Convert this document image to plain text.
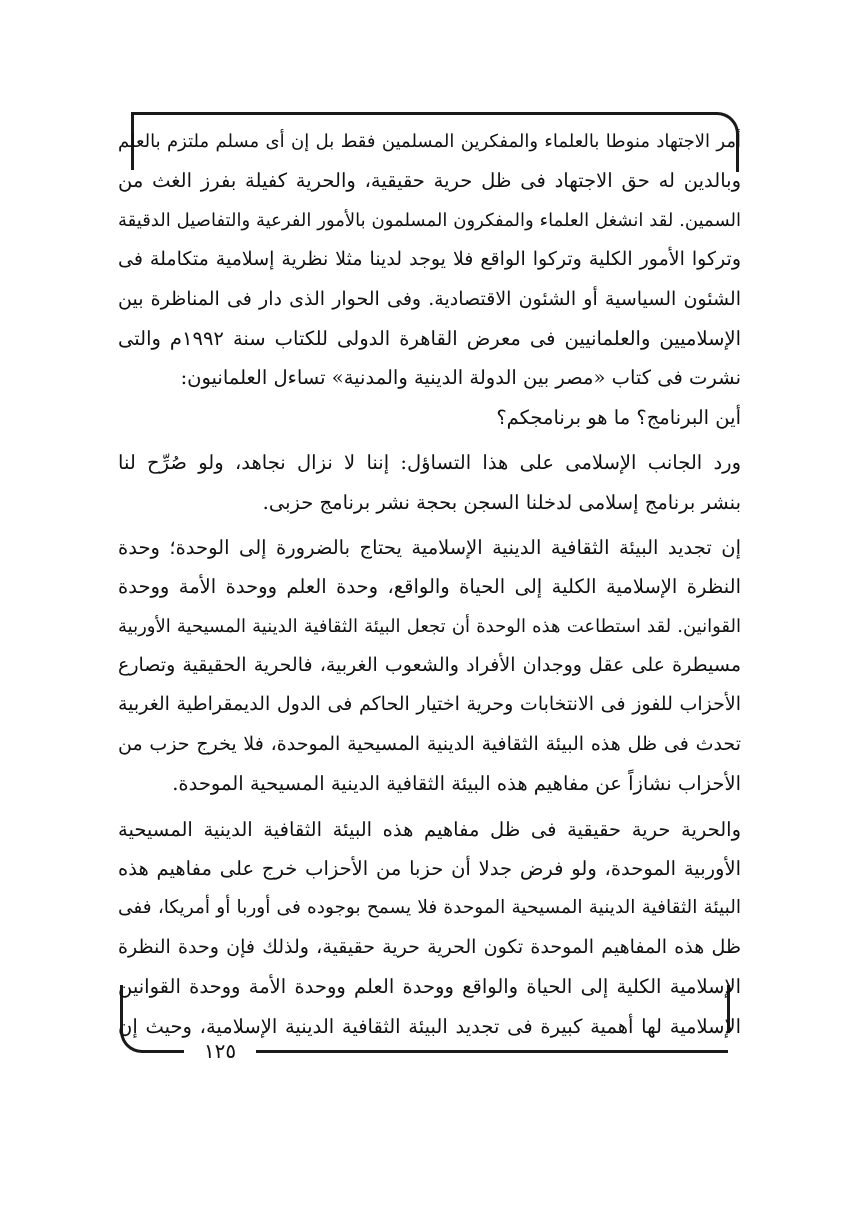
أمر الاجتهاد منوطا بالعلماء والمفكرين المسلمين فقط بل إن أى مسلم ملتزم بالعلم
وبالدين له حق الاجتهاد فى ظل حرية حقيقية، والحرية كفيلة بفرز الغث من
السمين. لقد انشغل العلماء والمفكرون المسلمون بالأمور الفرعية والتفاصيل الدقيقة
وتركوا الأمور الكلية وتركوا الواقع فلا يوجد لدينا مثلا نظرية إسلامية متكاملة فى
الشئون السياسية أو الشئون الاقتصادية. وفى الحوار الذى دار فى المناظرة بين
الإسلاميين والعلمانيين فى معرض القاهرة الدولى للكتاب سنة ١٩٩٢م والتى
نشرت فى كتاب «مصر بين الدولة الدينية والمدنية» تساءل العلمانيون:
أين البرنامج؟ ما هو برنامجكم؟
ورد الجانب الإسلامى على هذا التساؤل: إننا لا نزال نجاهد، ولو صُرِّح لنا
بنشر برنامج إسلامى لدخلنا السجن بحجة نشر برنامج حزبى.
إن تجديد البيئة الثقافية الدينية الإسلامية يحتاج بالضرورة إلى الوحدة؛ وحدة
النظرة الإسلامية الكلية إلى الحياة والواقع، وحدة العلم ووحدة الأمة ووحدة
القوانين. لقد استطاعت هذه الوحدة أن تجعل البيئة الثقافية الدينية المسيحية الأوربية
مسيطرة على عقل ووجدان الأفراد والشعوب الغربية، فالحرية الحقيقية وتصارع
الأحزاب للفوز فى الانتخابات وحرية اختيار الحاكم فى الدول الديمقراطية الغربية
تحدث فى ظل هذه البيئة الثقافية الدينية المسيحية الموحدة، فلا يخرج حزب من
الأحزاب نشازاً عن مفاهيم هذه البيئة الثقافية الدينية المسيحية الموحدة.
والحرية حرية حقيقية فى ظل مفاهيم هذه البيئة الثقافية الدينية المسيحية
الأوربية الموحدة، ولو فرض جدلا أن حزبا من الأحزاب خرج على مفاهيم هذه
البيئة الثقافية الدينية المسيحية الموحدة فلا يسمح بوجوده فى أوربا أو أمريكا، ففى
ظل هذه المفاهيم الموحدة تكون الحرية حرية حقيقية، ولذلك فإن وحدة النظرة
الإسلامية الكلية إلى الحياة والواقع ووحدة العلم ووحدة الأمة ووحدة القوانين
الإسلامية لها أهمية كبيرة فى تجديد البيئة الثقافية الدينية الإسلامية، وحيث إن
١٢٥
